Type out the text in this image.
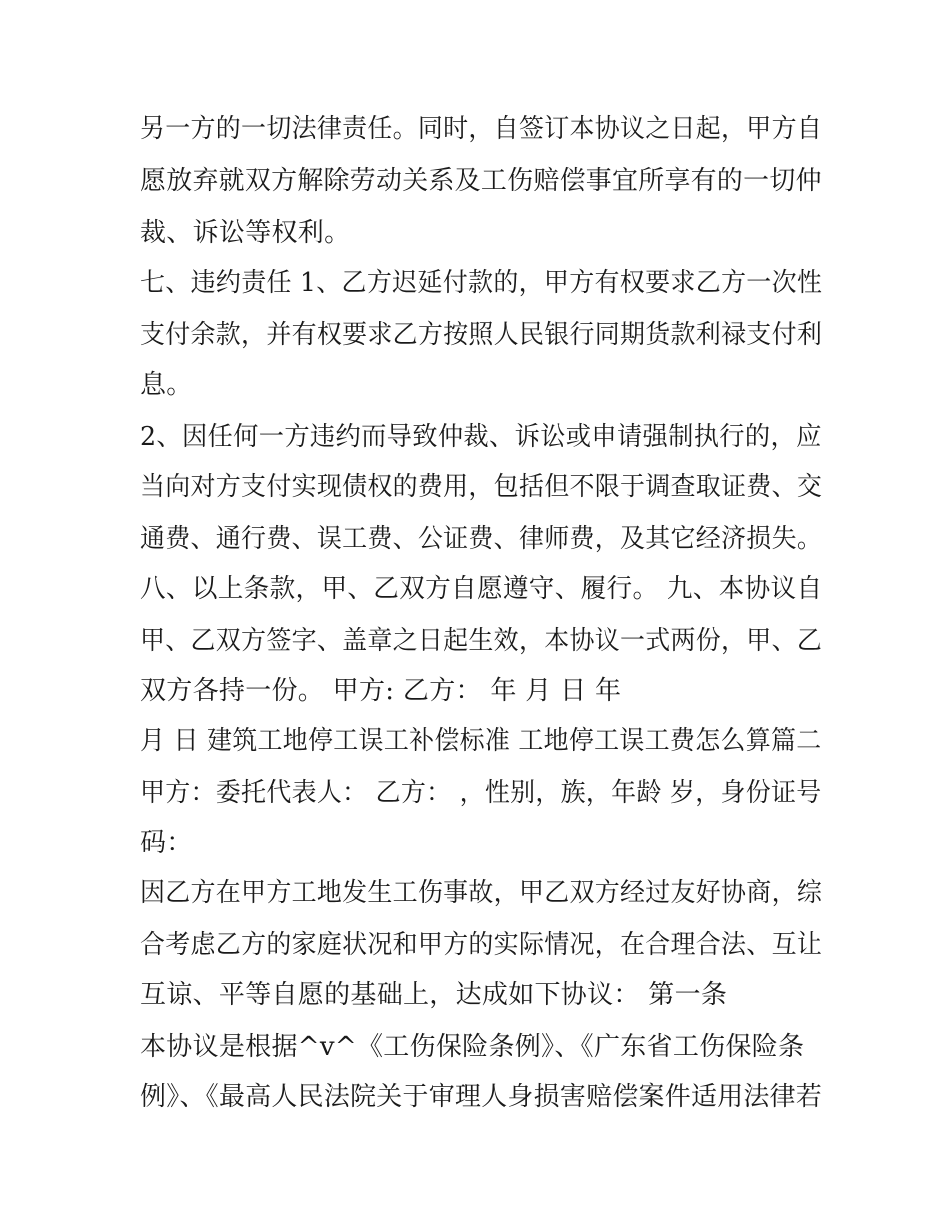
另一方的一切法律责任。同时，自签订本协议之日起，甲方自
愿放弃就双方解除劳动关系及工伤赔偿事宜所享有的一切仲
裁、诉讼等权利。
七、违约责任 1、乙方迟延付款的，甲方有权要求乙方一次性
支付余款，并有权要求乙方按照人民银行同期货款利禄支付利
息。
2、因任何一方违约而导致仲裁、诉讼或申请强制执行的，应
当向对方支付实现债权的费用，包括但不限于调查取证费、交
通费、通行费、误工费、公证费、律师费，及其它经济损失。
八、以上条款，甲、乙双方自愿遵守、履行。 九、本协议自
甲、乙双方签字、盖章之日起生效，本协议一式两份，甲、乙
双方各持一份。 甲方: 乙方： 年 月 日 年
月 日 建筑工地停工误工补偿标准 工地停工误工费怎么算篇二
甲方：委托代表人： 乙方： ，性别，族，年龄 岁，身份证号
码：
因乙方在甲方工地发生工伤事故，甲乙双方经过友好协商，综
合考虑乙方的家庭状况和甲方的实际情况，在合理合法、互让
互谅、平等自愿的基础上，达成如下协议： 第一条
本协议是根据^v^《工伤保险条例》、《广东省工伤保险条
例》、《最高人民法院关于审理人身损害赔偿案件适用法律若
